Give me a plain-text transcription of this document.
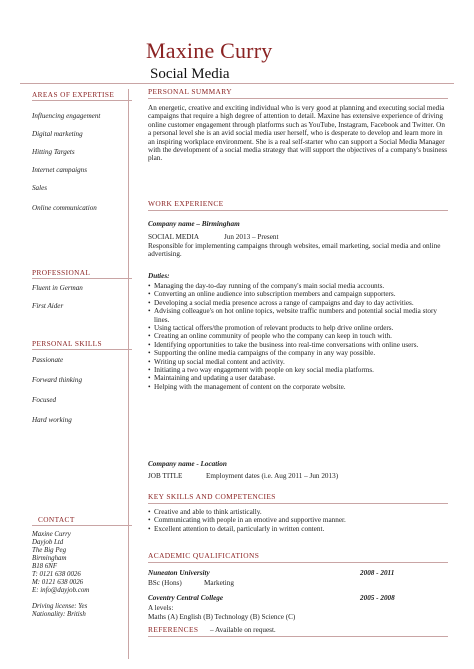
Maxine Curry
Social Media
AREAS OF EXPERTISE
Influencing engagement
Digital marketing
Hitting Targets
Internet campaigns
Sales
Online communication
PROFESSIONAL
Fluent in German
First Aider
PERSONAL SKILLS
Passionate
Forward thinking
Focused
Hard working
CONTACT
Maxine Curry
Dayjob Ltd
The Big Peg
Birmingham
B18 6NF
T: 0121 638 0026
M: 0121 638 0026
E: info@dayjob.com
Driving license: Yes
Nationality: British
PERSONAL SUMMARY
An energetic, creative and exciting individual who is very good at planning and executing social media campaigns that require a high degree of attention to detail. Maxine has extensive experience of driving online customer engagement through platforms such as YouTube, Instagram, Facebook and Twitter. On a personal level she is an avid social media user herself, who is desperate to develop and learn more in an inspiring workplace environment. She is a real self-starter who can support a Social Media Manager with the development of a social media strategy that will support the objectives of a company's business plan.
WORK EXPERIENCE
Company name – Birmingham
SOCIAL MEDIA	Jun 2013 – Present
Responsible for implementing campaigns through websites, email marketing, social media and online advertising.
Duties:
• Managing the day-to-day running of the company's main social media accounts.
• Converting an online audience into subscription members and campaign supporters.
• Developing a social media presence across a range of campaigns and day to day activities.
• Advising colleague's on hot online topics, website traffic numbers and potential social media story lines.
• Using tactical offers/the promotion of relevant products to help drive online orders.
• Creating an online community of people who the company can keep in touch with.
• Identifying opportunities to take the business into real-time conversations with online users.
• Supporting the online media campaigns of the company in any way possible.
• Writing up social medial content and activity.
• Initiating a two way engagement with people on key social media platforms.
• Maintaining and updating a user database.
• Helping with the management of content on the corporate website.
Company name - Location
JOB TITLE	Employment dates (i.e. Aug 2011 – Jun 2013)
KEY SKILLS AND COMPETENCIES
• Creative and able to think artistically.
• Communicating with people in an emotive and supportive manner.
• Excellent attention to detail, particularly in written content.
ACADEMIC QUALIFICATIONS
Nuneaton University	2008 - 2011
BSc (Hons)	Marketing
Coventry Central College	2005 - 2008
A levels:
Maths (A) English (B) Technology (B) Science (C)
REFERENCES – Available on request.
